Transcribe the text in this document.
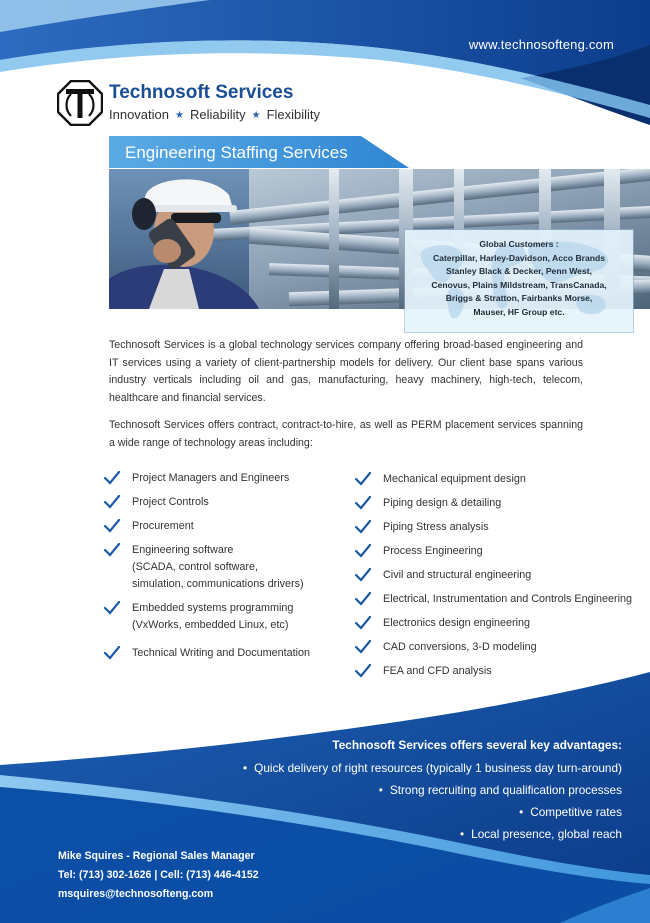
www.technosofteng.com
Technosoft Services
Innovation ★ Reliability ★ Flexibility
Engineering Staffing Services
Global Customers :
Caterpillar, Harley-Davidson, Acco Brands
Stanley Black & Decker, Penn West,
Cenovus, Plains Mildstream, TransCanada,
Briggs & Stratton, Fairbanks Morse,
Mauser, HF Group etc.
Technosoft Services is a global technology services company offering broad-based engineering and IT services using a variety of client-partnership models for delivery. Our client base spans various industry verticals including oil and gas, manufacturing, heavy machinery, high-tech, telecom, healthcare and financial services.
Technosoft Services offers contract, contract-to-hire, as well as PERM placement services spanning a wide range of technology areas including:
Project Managers and Engineers
Project Controls
Procurement
Engineering software
(SCADA, control software,
simulation, communications drivers)
Embedded systems programming
(VxWorks, embedded Linux, etc)
Technical Writing and Documentation
Mechanical equipment design
Piping design & detailing
Piping Stress analysis
Process Engineering
Civil and structural engineering
Electrical, Instrumentation and Controls Engineering
Electronics design engineering
CAD conversions, 3-D modeling
FEA and CFD analysis
Technosoft Services offers several key advantages:
• Quick delivery of right resources (typically 1 business day turn-around)
• Strong recruiting and qualification processes
• Competitive rates
• Local presence, global reach
Mike Squires - Regional Sales Manager
Tel: (713) 302-1626 | Cell: (713) 446-4152
msquires@technosofteng.com
